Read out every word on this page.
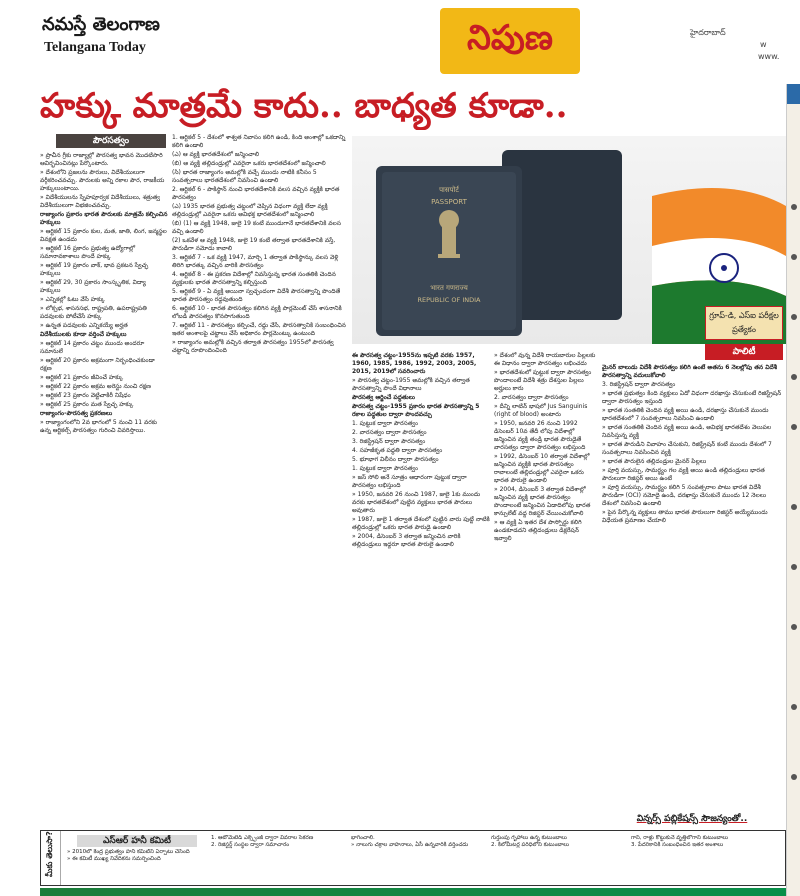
నమస్తే తెలంగాణ
Telangana Today	నిపుణ	హైదరాబాద్
w
www.
హక్కు మాత్రమే కాదు.. బాధ్యత కూడా..
పౌరసత్వం

» ప్రాచీన గ్రీకు రాజ్యాల్లో పౌరసత్వ భావన మొదటిసారి ఆవిర్భవించినట్లు పేర్కొంటారు.

» దేశంలోని ప్రజలను పౌరులు, విదేశీయులుగా వర్గీకరించవచ్చు. పౌరులకు అన్ని రకాల పౌర, రాజకీయ హక్కులుంటాయి.

» విదేశీయులను స్నేహపూర్వక విదేశీయులు, శత్రుత్వ విదేశీయులుగా విభజించవచ్చు.

రాజ్యాంగం ప్రకారం భారత పౌరులకు మాత్రమే కల్పించిన హక్కులు

» ఆర్టికల్ 15 ప్రకారం కుల, మత, జాతి, లింగ, జన్మస్థల వివక్షత ఉండదు

» ఆర్టికల్ 16 ప్రకారం ప్రభుత్వ ఉద్యోగాల్లో సమానావకాశాలు పొందే హక్కు

» ఆర్టికల్ 19 ప్రకారం వాక్, భావ ప్రకటన స్వేచ్ఛ హక్కులు

» ఆర్టికల్ 29, 30 ప్రకారం సాంస్కృతిక, విద్యా హక్కులు

» ఎన్నికల్లో ఓటు వేసే హక్కు

» లోక్సభ, శాసనసభ, రాష్ట్రపతి, ఉపరాష్ట్రపతి పదవులకు పోటీచేసే హక్కు

» ఉన్నత పదవులకు ఎన్నికయ్యే అర్హత

విదేశీయులకు కూడా వర్తించే హక్కులు

» ఆర్టికల్ 14 ప్రకారం చట్టం ముందు అందరూ సమానులే

» ఆర్టికల్ 20 ప్రకారం అక్రమంగా నిర్బంధించకుండా రక్షణ

» ఆర్టికల్ 21 ప్రకారం జీవించే హక్కు

» ఆర్టికల్ 22 ప్రకారం అక్రమ అరెస్టు నుంచి రక్షణ

» ఆర్టికల్ 23 ప్రకారం వెట్టిచాకిరీ నిషేధం

» ఆర్టికల్ 25 ప్రకారం మత స్వేచ్ఛ హక్కు

రాజ్యాంగం-పౌరసత్వ ప్రకరణలు

» రాజ్యాంగంలోని 2వ భాగంలో 5 నుంచి 11 వరకు ఉన్న ఆర్టికల్స్ పౌరసత్వం గురించి వివరిస్తాయి.

1. ఆర్టికల్ 5 - దేశంలో శాశ్వత నివాసం కలిగి ఉండి, కింది అంశాల్లో ఒకదాన్ని కలిగి ఉండాలి

(ఎ) ఆ వ్యక్తి భారతదేశంలో జన్మించాలి

(బి) ఆ వ్యక్తి తల్లిదండ్రుల్లో ఎవరైనా ఒకరు భారతదేశంలో జన్మించాలి

(సి) భారత రాజ్యాంగం అమల్లోకి వచ్చే ముందు నాటికి కనీసం 5 సంవత్సరాలు భారతదేశంలో నివసించి ఉండాలి

2. ఆర్టికల్ 6 - పాకిస్థాన్ నుంచి భారతదేశానికి వలస వచ్చిన వ్యక్తికి భారత పౌరసత్వం

(ఎ) 1935 భారత ప్రభుత్వ చట్టంలో చెప్పిన విధంగా వ్యక్తి లేదా వ్యక్తి తల్లిదండ్రుల్లో ఎవరైనా ఒకరు అవిభక్త భారతదేశంలో జన్మించాలి

(బి) (1) ఆ వ్యక్తి 1948, జులై 19 కంటే ముందుగానే భారతదేశానికి వలస వచ్చి ఉండాలి

(2) ఒకవేళ ఆ వ్యక్తి 1948, జులై 19 కంటే తర్వాత భారతదేశానికి వస్తే, పౌరుడిగా నమోదు కావాలి

3. ఆర్టికల్ 7 - ఒక వ్యక్తి 1947, మార్చి 1 తర్వాత పాకిస్థాన్కు వలస వెళ్లి తిరిగి భారత్కు వచ్చిన వారికి పౌరసత్వం

4. ఆర్టికల్ 8 - ఈ ప్రకరణ విదేశాల్లో నివసిస్తున్న భారత సంతతికి చెందిన వ్యక్తులకు భారత పౌరసత్వాన్ని కల్పిస్తుంది

5. ఆర్టికల్ 9 - ఏ వ్యక్తి అయినా స్వచ్ఛందంగా విదేశీ పౌరసత్వాన్ని పొందితే భారత పౌరసత్వం రద్దవుతుంది

6. ఆర్టికల్ 10 - భారత పౌరసత్వం కలిగిన వ్యక్తి పార్లమెంట్ చేసే శాసనానికి లోబడి పౌరసత్వం కొనసాగుతుంది

7. ఆర్టికల్ 11 - పౌరసత్వం కల్పించే, రద్దు చేసే, పౌరసత్వానికి సంబంధించిన ఇతర అంశాలపై చట్టాలు చేసే అధికారం పార్లమెంట్కు ఉంటుంది

» రాజ్యాంగం అమల్లోకి వచ్చిన తర్వాత పౌరసత్వం 1955లో పౌరసత్వ చట్టాన్ని రూపొందించింది

ఈ పౌరసత్వ చట్టం-1955ను ఇప్పటి వరకు 1957, 1960, 1985, 1986, 1992, 2003, 2005, 2015, 2019లో సవరించారు

» పౌరసత్వ చట్టం-1955 అమల్లోకి వచ్చిన తర్వాత పౌరసత్వాన్ని పొందే విధానాలు

పౌరసత్వ ఆర్జించే పద్ధతులు

పౌరసత్వ చట్టం-1955 ప్రకారం భారత పౌరసత్వాన్ని 5 రకాల పద్ధతుల ద్వారా పొందవచ్చు

1. పుట్టుక ద్వారా పౌరసత్వం

2. వారసత్వం ద్వారా పౌరసత్వం

3. రిజిస్ట్రేషన్ ద్వారా పౌరసత్వం

4. సహజీకృత పద్ధతి ద్వారా పౌరసత్వం

5. భూభాగ విలీనం ద్వారా పౌరసత్వం

1. పుట్టుక ద్వారా పౌరసత్వం

» జస్ సోలి అనే సూత్రం ఆధారంగా పుట్టుక ద్వారా పౌరసత్వం లభిస్తుంది

» 1950, జనవరి 26 నుంచి 1987, జులై 1కు ముందు వరకు భారతదేశంలో పుట్టిన వ్యక్తులు భారత పౌరులు అవుతారు

» 1987, జులై 1 తర్వాత దేశంలో పుట్టిన వారు పుట్టే నాటికి తల్లిదండ్రుల్లో ఒకరు భారత పౌరుడై ఉండాలి

» 2004, డిసెంబర్ 3 తర్వాత జన్మించిన వారికి తల్లిదండ్రులు ఇద్దరూ భారత పౌరులై ఉండాలి

» దేశంలో వున్న విదేశీ రాయబారుల పిల్లలకు ఈ విధానం ద్వారా పౌరసత్వం లభించదు

» భారతదేశంలో పుట్టుక ద్వారా పౌరసత్వం పొందాలంటే విదేశీ శత్రు దేశస్తుల పిల్లలు అర్హులు కారు

2. వారసత్వం ద్వారా పౌరసత్వం

» దీన్ని లాటిన్ భాషలో Jus Sanguinis (right of blood) అంటారు

» 1950, జనవరి 26 నుంచి 1992 డిసెంబర్ 10వ తేదీ లోపు విదేశాల్లో జన్మించిన వ్యక్తి తండ్రి భారత పౌరుడైతే వారసత్వం ద్వారా పౌరసత్వం లభిస్తుంది

» 1992, డిసెంబర్ 10 తర్వాత విదేశాల్లో జన్మించిన వ్యక్తికి భారత పౌరసత్వం రావాలంటే తల్లిదండ్రుల్లో ఎవరైనా ఒకరు భారత పౌరులై ఉండాలి

» 2004, డిసెంబర్ 3 తర్వాత విదేశాల్లో జన్మించిన వ్యక్తి భారత పౌరసత్వం పొందాలంటే జన్మించిన ఏడాదిలోపు భారత కాన్సులేట్ వద్ద రిజిస్టర్ చేయించుకోవాలి

» ఆ వ్యక్తి ఏ ఇతర దేశ పాస్పోర్టు కలిగి ఉండకూడదని తల్లిదండ్రులు డిక్లరేషన్ ఇవ్వాలి

మైనర్ బాలుడు విదేశీ పౌరసత్వం కలిగి ఉంటే అతను 6 నెలల్లోపు తన విదేశీ పౌరసత్వాన్ని వదులుకోవాలి

3. రిజిస్ట్రేషన్ ద్వారా పౌరసత్వం

» భారత ప్రభుత్వం కింది వ్యక్తులు ఏదో విధంగా దరఖాస్తు చేసుకుంటే రిజిస్ట్రేషన్ ద్వారా పౌరసత్వం ఇస్తుంది

» భారత సంతతికి చెందిన వ్యక్తి అయి ఉండి, దరఖాస్తు చేసుకునే ముందు భారతదేశంలో 7 సంవత్సరాలు నివసించి ఉండాలి

» భారత సంతతికి చెందిన వ్యక్తి అయి ఉండి, అవిభక్త భారతదేశం వెలుపల నివసిస్తున్న వ్యక్తి

» భారత పౌరుడిని వివాహం చేసుకుని, రిజిస్ట్రేషన్ కంటే ముందు దేశంలో 7 సంవత్సరాలు నివసించిన వ్యక్తి

» భారత పౌరులైన తల్లిదండ్రుల మైనర్ పిల్లలు

» పూర్తి వయస్సు, సామర్థ్యం గల వ్యక్తి అయి ఉండి తల్లిదండ్రులు భారత పౌరులుగా రిజిస్టర్ అయి ఉంటే

» పూర్తి వయస్సు, సామర్థ్యం కలిగి 5 సంవత్సరాల పాటు భారత విదేశీ పౌరుడిగా (OCI) నమోదై ఉండి, దరఖాస్తు చేసుకునే ముందు 12 నెలలు దేశంలో నివసించి ఉండాలి

» పైన పేర్కొన్న వ్యక్తులు తాము భారత పౌరులుగా రిజిస్టర్ అయ్యేముందు విధేయత ప్రమాణం చేయాలి

पासपोर्ट
PASSPORT
भारत गणराज्य
REPUBLIC OF INDIA
గ్రూప్-డి, ఎస్ఐ పరీక్షల ప్రత్యేకం
పాలిటీ
విన్నర్స్ పబ్లికేషన్స్ సౌజన్యంతో..
మీకు తెలుసా?	ఎస్ఆర్ హనీ కమిటీ

» 2010లో కేంద్ర ప్రభుత్వం హనీ కమిటీని ఏర్పాటు చేసింది

» ఈ కమిటీ ముఖ్య నివేదికను సమర్పించింది

1. ఆటోమేటెడ్ ఎక్స్ఛేంజ్ ద్వారా వివరాల సేకరణ

2. రిజిస్టర్డ్ సంస్థల ద్వారా సమాచారం

భాగించాలి.

» నాలుగు చక్రాల వాహనాలు, ఏసీ ఉన్నవారికి వర్తించదు

గుర్తుంపు గృహాలు ఉన్న కుటుంబాలు

2. కిలోమీటర్ల పరిధిలోని కుటుంబాలు

గాని, రాళ్లు కొట్టుకునే వృత్తిలోగాని కుటుంబాలు

3. పేదరికానికి సంబంధించిన ఇతర అంశాలు
